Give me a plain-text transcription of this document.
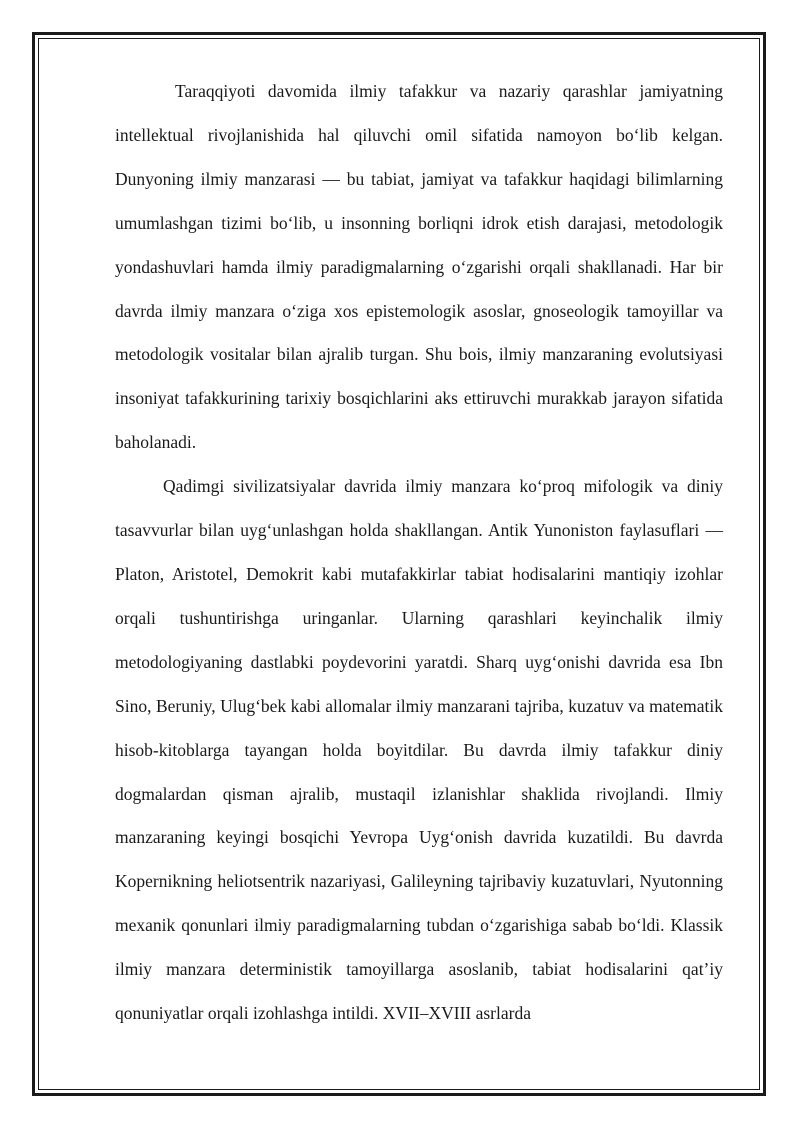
Taraqqiyoti davomida ilmiy tafakkur va nazariy qarashlar jamiyatning intellektual rivojlanishida hal qiluvchi omil sifatida namoyon bo‘lib kelgan. Dunyoning ilmiy manzarasi — bu tabiat, jamiyat va tafakkur haqidagi bilimlarning umumlashgan tizimi bo‘lib, u insonning borliqni idrok etish darajasi, metodologik yondashuvlari hamda ilmiy paradigmalarning o‘zgarishi orqali shakllanadi. Har bir davrda ilmiy manzara o‘ziga xos epistemologik asoslar, gnoseologik tamoyillar va metodologik vositalar bilan ajralib turgan. Shu bois, ilmiy manzaraning evolutsiyasi insoniyat tafakkurining tarixiy bosqichlarini aks ettiruvchi murakkab jarayon sifatida baholanadi.

Qadimgi sivilizatsiyalar davrida ilmiy manzara ko‘proq mifologik va diniy tasavvurlar bilan uyg‘unlashgan holda shakllangan. Antik Yunoniston faylasuflari — Platon, Aristotel, Demokrit kabi mutafakkirlar tabiat hodisalarini mantiqiy izohlar orqali tushuntirishga uringanlar. Ularning qarashlari keyinchalik ilmiy metodologiyaning dastlabki poydevorini yaratdi. Sharq uyg‘onishi davrida esa Ibn Sino, Beruniy, Ulug‘bek kabi allomalar ilmiy manzarani tajriba, kuzatuv va matematik hisob-kitoblarga tayangan holda boyitdilar. Bu davrda ilmiy tafakkur diniy dogmalardan qisman ajralib, mustaqil izlanishlar shaklida rivojlandi. Ilmiy manzaraning keyingi bosqichi Yevropa Uyg‘onish davrida kuzatildi. Bu davrda Kopernikning heliotsentrik nazariyasi, Galileyning tajribaviy kuzatuvlari, Nyutonning mexanik qonunlari ilmiy paradigmalarning tubdan o‘zgarishiga sabab bo‘ldi. Klassik ilmiy manzara deterministik tamoyillarga asoslanib, tabiat hodisalarini qat’iy qonuniyatlar orqali izohlashga intildi. XVII–XVIII asrlarda
